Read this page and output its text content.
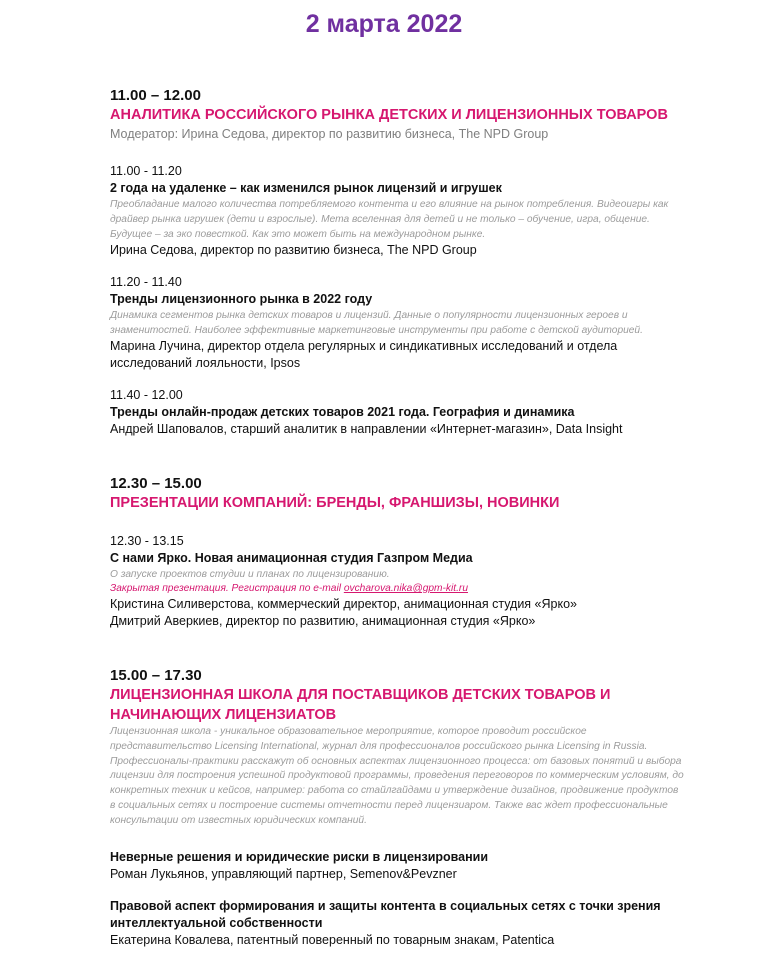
2 марта 2022

11.00 – 12.00

АНАЛИТИКА РОССИЙСКОГО РЫНКА ДЕТСКИХ И ЛИЦЕНЗИОННЫХ ТОВАРОВ

Модератор: Ирина Седова, директор по развитию бизнеса, The NPD Group

11.00 - 11.20

2 года на удаленке – как изменился рынок лицензий и игрушек

Преобладание малого количества потребляемого контента и его влияние на рынок потребления. Видеоигры как

драйвер рынка игрушек (дети и взрослые). Мета вселенная для детей и не только – обучение, игра, общение.

Будущее – за эко повесткой. Как это может быть на международном рынке.

Ирина Седова, директор по развитию бизнеса, The NPD Group

11.20 - 11.40

Тренды лицензионного рынка в 2022 году

Динамика сегментов рынка детских товаров и лицензий. Данные о популярности лицензионных героев и

знаменитостей. Наиболее эффективные маркетинговые инструменты при работе с детской аудиторией.

Марина Лучина, директор отдела регулярных и синдикативных исследований и отдела

исследований лояльности, Ipsos

11.40 - 12.00

Тренды онлайн-продаж детских товаров 2021 года. География и динамика

Андрей Шаповалов, старший аналитик в направлении «Интернет-магазин», Data Insight

12.30 – 15.00

ПРЕЗЕНТАЦИИ КОМПАНИЙ: БРЕНДЫ, ФРАНШИЗЫ, НОВИНКИ

12.30 - 13.15

С нами Ярко. Новая анимационная студия Газпром Медиа

О запуске проектов студии и планах по лицензированию.

Закрытая презентация. Регистрация по e-mail ovcharova.nika@gpm-kit.ru

Кристина Силиверстова, коммерческий директор, анимационная студия «Ярко»

Дмитрий Аверкиев, директор по развитию, анимационная студия «Ярко»

15.00 – 17.30

ЛИЦЕНЗИОННАЯ ШКОЛА ДЛЯ ПОСТАВЩИКОВ ДЕТСКИХ ТОВАРОВ И

НАЧИНАЮЩИХ ЛИЦЕНЗИАТОВ

Лицензионная школа - уникальное образовательное мероприятие, которое проводит российское

представительство Licensing International, журнал для профессионалов российского рынка Licensing in Russia.

Профессионалы-практики расскажут об основных аспектах лицензионного процесса: от базовых понятий и выбора

лицензии для построения успешной продуктовой программы, проведения переговоров по коммерческим условиям, до

конкретных техник и кейсов, например: работа со стайлгайдами и утверждение дизайнов, продвижение продуктов

в социальных сетях и построение системы отчетности перед лицензиаром. Также вас ждет профессиональные

консультации от известных юридических компаний.

Неверные решения и юридические риски в лицензировании

Роман Лукьянов, управляющий партнер, Semenov&Pevzner

Правовой аспект формирования и защиты контента в социальных сетях с точки зрения

интеллектуальной собственности

Екатерина Ковалева, патентный поверенный по товарным знакам, Patentica
